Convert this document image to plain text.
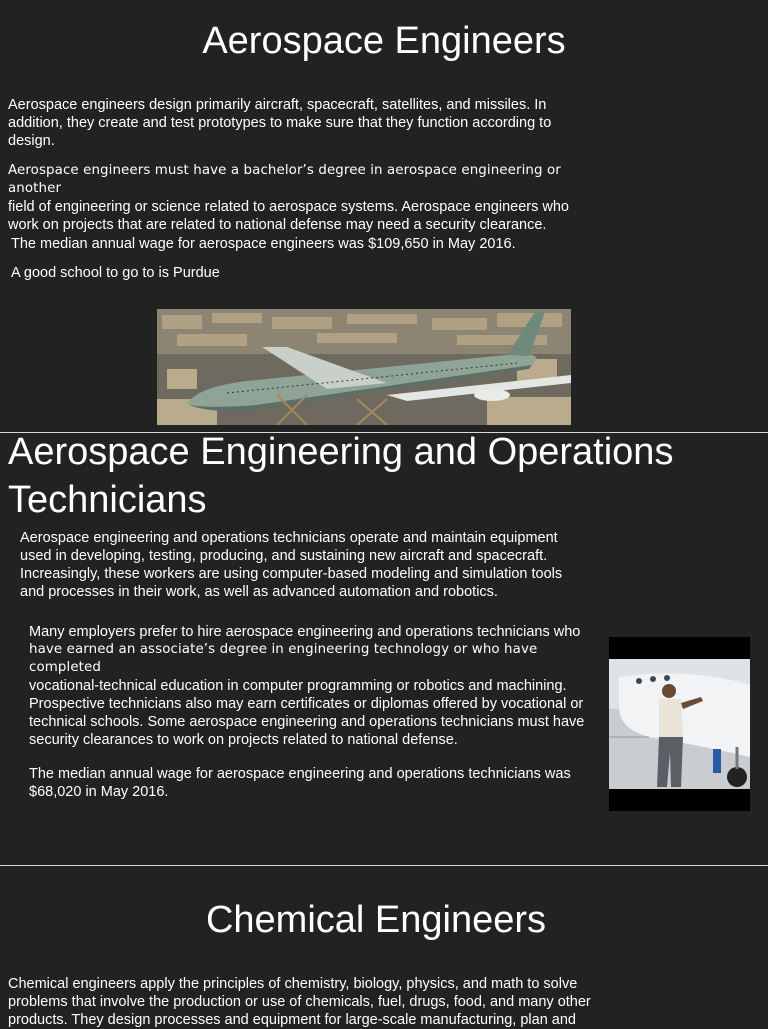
Aerospace Engineers

Aerospace engineers design primarily aircraft, spacecraft, satellites, and missiles. In addition, they create and test prototypes to make sure that they function according to design.

Aerospace engineers must have a bachelor’s degree in aerospace engineering or another
field of engineering or science related to aerospace systems. Aerospace engineers who work on projects that are related to national defense may need a security clearance.

The median annual wage for aerospace engineers was $109,650 in May 2016.

A good school to go to is Purdue

Aerospace Engineering and Operations Technicians

Aerospace engineering and operations technicians operate and maintain equipment used in developing, testing, producing, and sustaining new aircraft and spacecraft. Increasingly, these workers are using computer-based modeling and simulation tools and processes in their work, as well as advanced automation and robotics.

Many employers prefer to hire aerospace engineering and operations technicians who
have earned an associate’s degree in engineering technology or who have completed
vocational-technical education in computer programming or robotics and machining. Prospective technicians also may earn certificates or diplomas offered by vocational or technical schools. Some aerospace engineering and operations technicians must have security clearances to work on projects related to national defense.

The median annual wage for aerospace engineering and operations technicians was $68,020 in May 2016.

Chemical Engineers

Chemical engineers apply the principles of chemistry, biology, physics, and math to solve problems that involve the production or use of chemicals, fuel, drugs, food, and many other products. They design processes and equipment for large-scale manufacturing, plan and
